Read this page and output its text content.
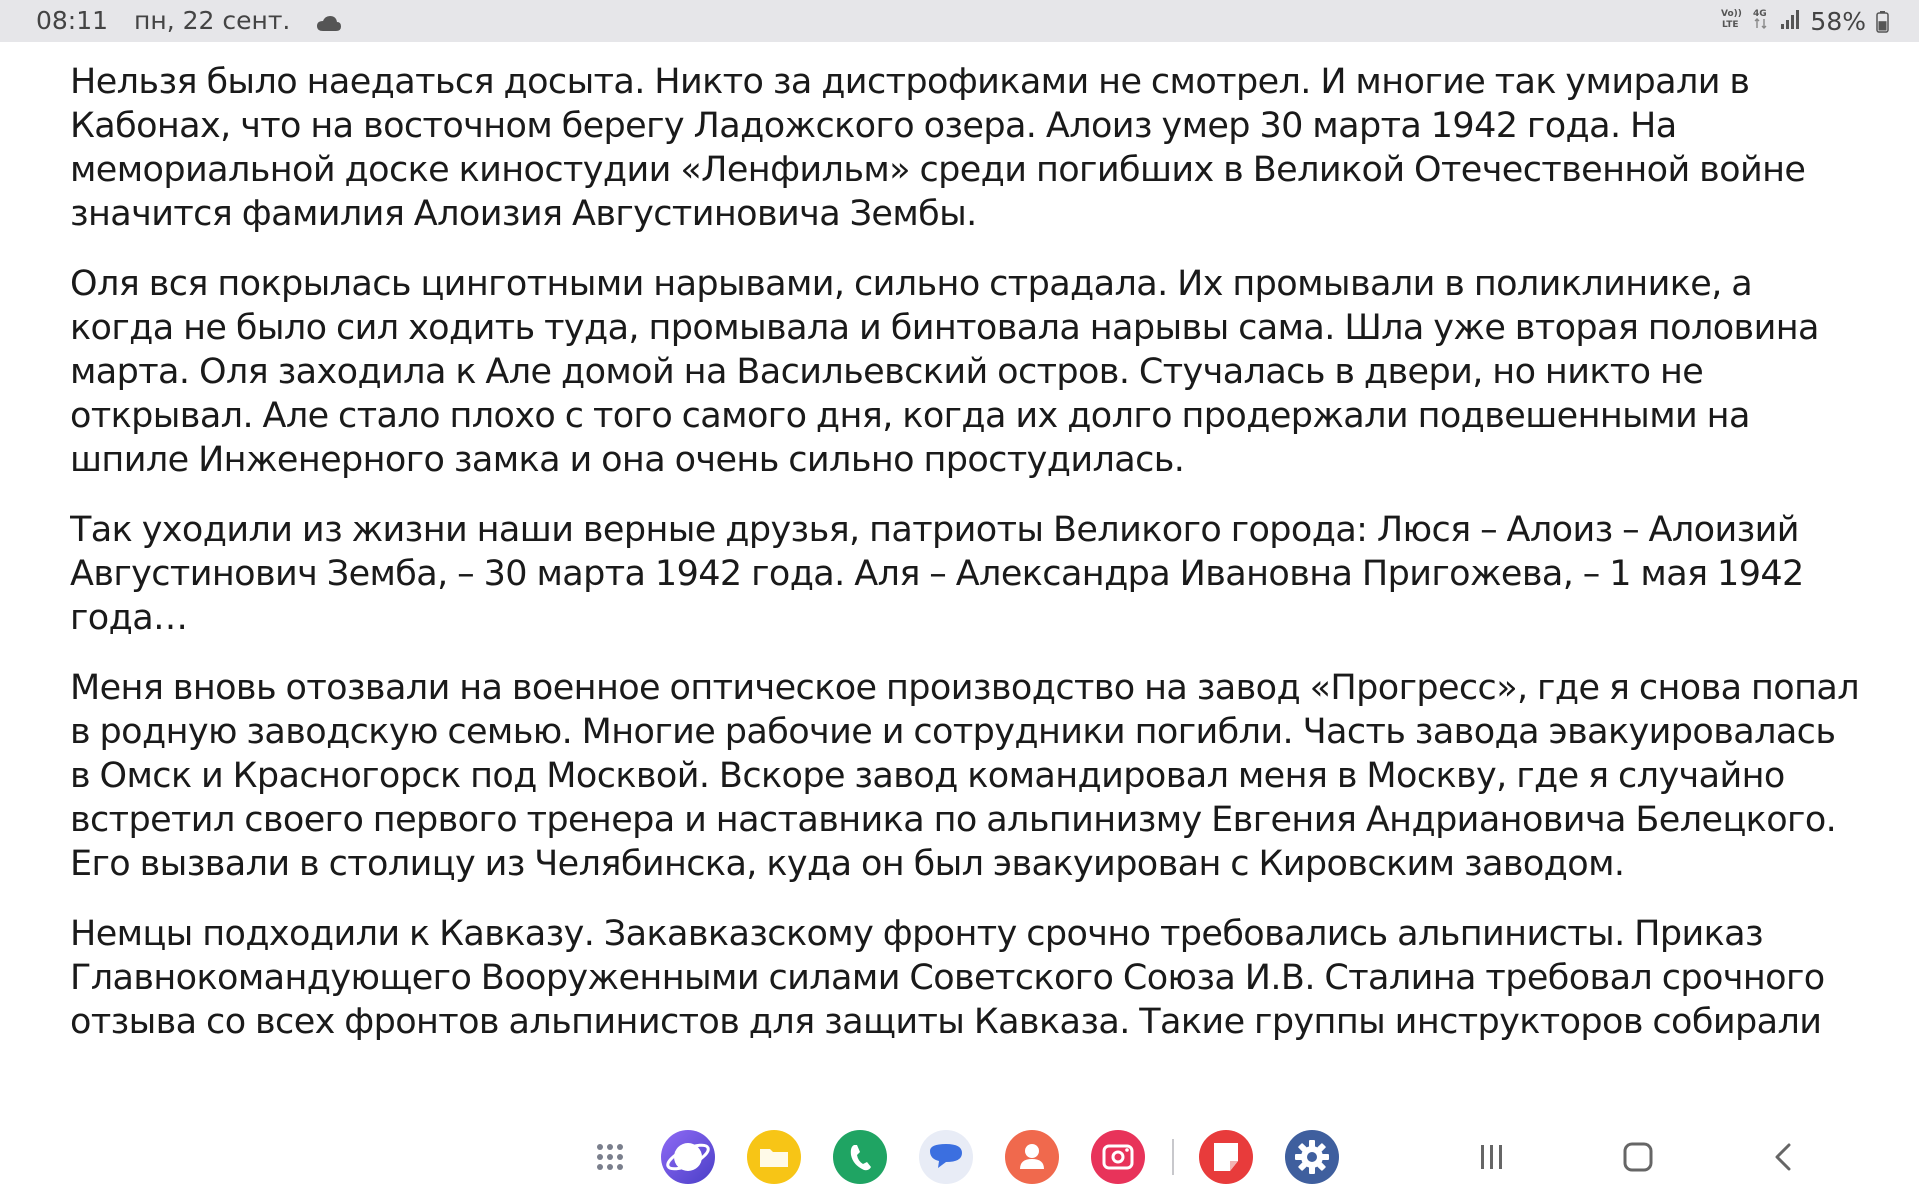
08:11 пн, 22 сент.	Vo))
LTE
4G 58%

Нельзя было наедаться досыта. Никто за дистрофиками не смотрел. И многие так умирали в Кабонах, что на восточном берегу Ладожского озера. Алоиз умер 30 марта 1942 года. На мемориальной доске киностудии «Ленфильм» среди погибших в Великой Отечественной войне значится фамилия Алоизия Августиновича Зембы.

Оля вся покрылась цинготными нарывами, сильно страдала. Их промывали в поликлинике, а когда не было сил ходить туда, промывала и бинтовала нарывы сама. Шла уже вторая половина марта. Оля заходила к Але домой на Васильевский остров. Стучалась в двери, но никто не открывал. Але стало плохо с того самого дня, когда их долго продержали подвешенными на шпиле Инженерного замка и она очень сильно простудилась.

Так уходили из жизни наши верные друзья, патриоты Великого города: Люся – Алоиз – Алоизий Августинович Земба, – 30 марта 1942 года. Аля – Александра Ивановна Пригожева, – 1 мая 1942 года…

Меня вновь отозвали на военное оптическое производство на завод «Прогресс», где я снова попал в родную заводскую семью. Многие рабочие и сотрудники погибли. Часть завода эвакуировалась в Омск и Красногорск под Москвой. Вскоре завод командировал меня в Москву, где я случайно встретил своего первого тренера и наставника по альпинизму Евгения Андриановича Белецкого. Его вызвали в столицу из Челябинска, куда он был эвакуирован с Кировским заводом.

Немцы подходили к Кавказу. Закавказскому фронту срочно требовались альпинисты. Приказ Главнокомандующего Вооруженными силами Советского Союза И.В. Сталина требовал срочного отзыва со всех фронтов альпинистов для защиты Кавказа. Такие группы инструкторов собирали
